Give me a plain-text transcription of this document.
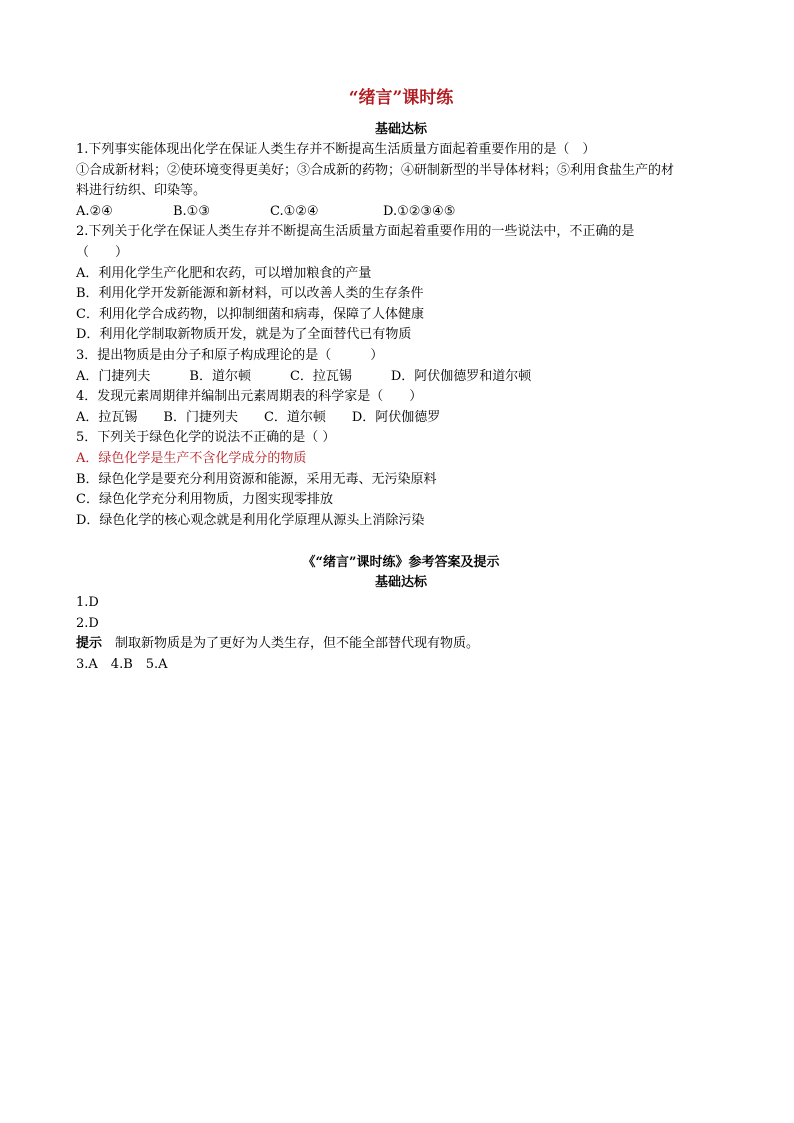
“绪言”课时练
基础达标
1.下列事实能体现出化学在保证人类生存并不断提高生活质量方面起着重要作用的是（　）
①合成新材料；②使环境变得更美好；③合成新的药物；④研制新型的半导体材料；⑤利用食盐生产的材
料进行纺织、印染等。
A.②④	B.①③	C.①②④	D.①②③④⑤
2.下列关于化学在保证人类生存并不断提高生活质量方面起着重要作用的一些说法中，不正确的是
（　　）
A．利用化学生产化肥和农药，可以增加粮食的产量
B．利用化学开发新能源和新材料，可以改善人类的生存条件
C．利用化学合成药物，以抑制细菌和病毒，保障了人体健康
D．利用化学制取新物质开发，就是为了全面替代已有物质
3．提出物质是由分子和原子构成理论的是（　　　）
A．门捷列夫　　　B．道尔顿　　　C．拉瓦锡　　　D．阿伏伽德罗和道尔顿
4．发现元素周期律并编制出元素周期表的科学家是（　　）
A．拉瓦锡　　B．门捷列夫　　C．道尔顿　　D．阿伏伽德罗
5．下列关于绿色化学的说法不正确的是（ ）
A．绿色化学是生产不含化学成分的物质
B．绿色化学是要充分利用资源和能源，采用无毒、无污染原料
C．绿色化学充分利用物质，力图实现零排放
D．绿色化学的核心观念就是利用化学原理从源头上消除污染
《“绪言”课时练》参考答案及提示
基础达标
1.D
2.D
提示　制取新物质是为了更好为人类生存，但不能全部替代现有物质。
3.A　4.B　5.A
